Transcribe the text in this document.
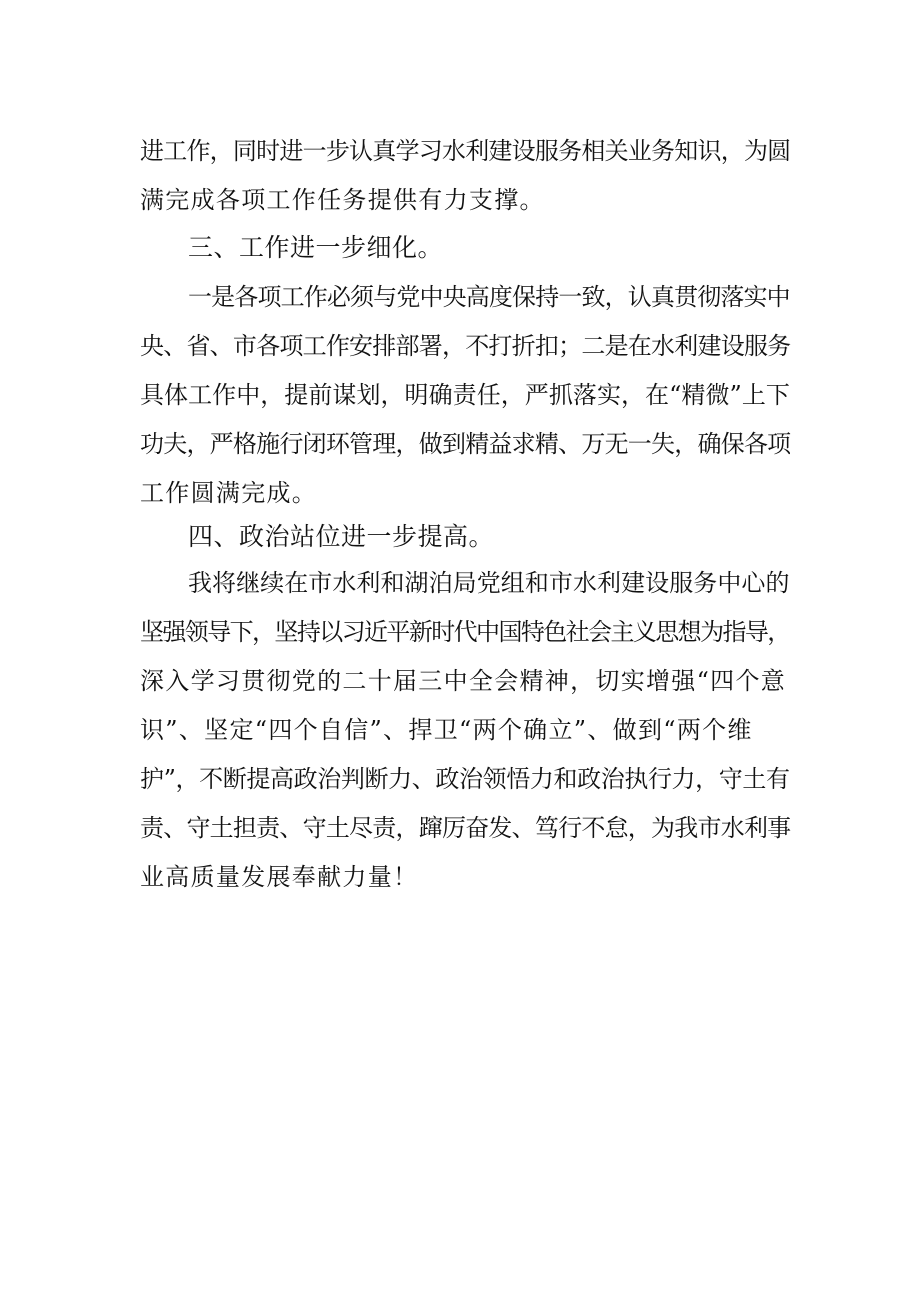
进工作，同时进一步认真学习水利建设服务相关业务知识，为圆
满完成各项工作任务提供有力支撑。
三、工作进一步细化。
一是各项工作必须与党中央高度保持一致，认真贯彻落实中
央、省、市各项工作安排部署，不打折扣；二是在水利建设服务
具体工作中，提前谋划，明确责任，严抓落实，在“精微”上下
功夫，严格施行闭环管理，做到精益求精、万无一失，确保各项
工作圆满完成。
四、政治站位进一步提高。
我将继续在市水利和湖泊局党组和市水利建设服务中心的
坚强领导下，坚持以习近平新时代中国特色社会主义思想为指导，
深入学习贯彻党的二十届三中全会精神，切实增强“四个意
识”、坚定“四个自信”、捍卫“两个确立”、做到“两个维
护”，不断提高政治判断力、政治领悟力和政治执行力，守土有
责、守土担责、守土尽责，蹿厉奋发、笃行不怠，为我市水利事
业高质量发展奉献力量！
